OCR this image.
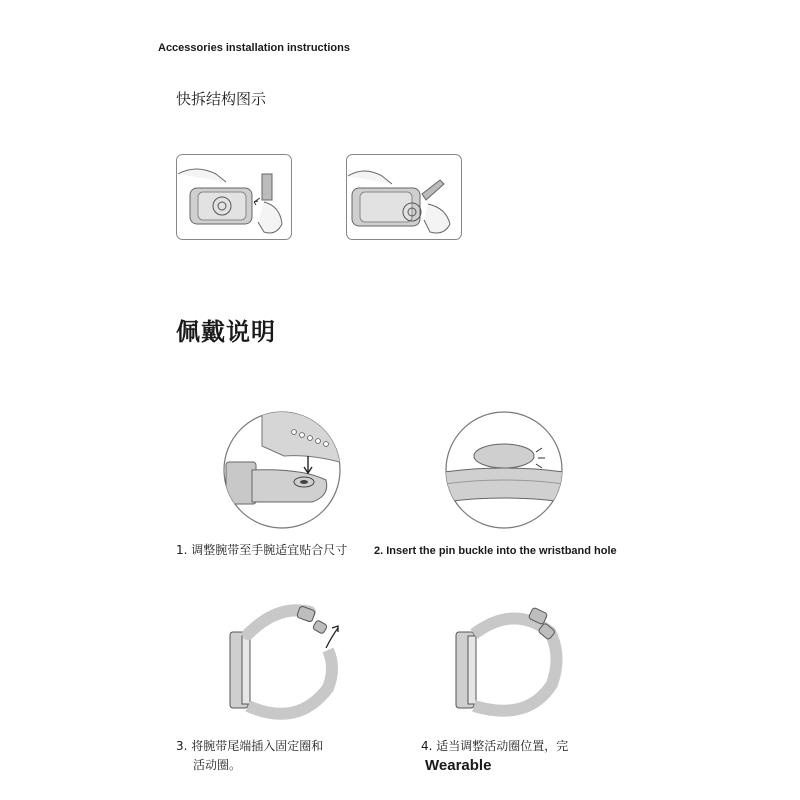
Accessories installation instructions
快拆结构图示
佩戴说明
1. 调整腕带至手腕适宜贴合尺寸 2. Insert the pin buckle into the wristband hole
3. 将腕带尾端插入固定圈和
活动圈。
4. 适当调整活动圈位置，完
Wearable
